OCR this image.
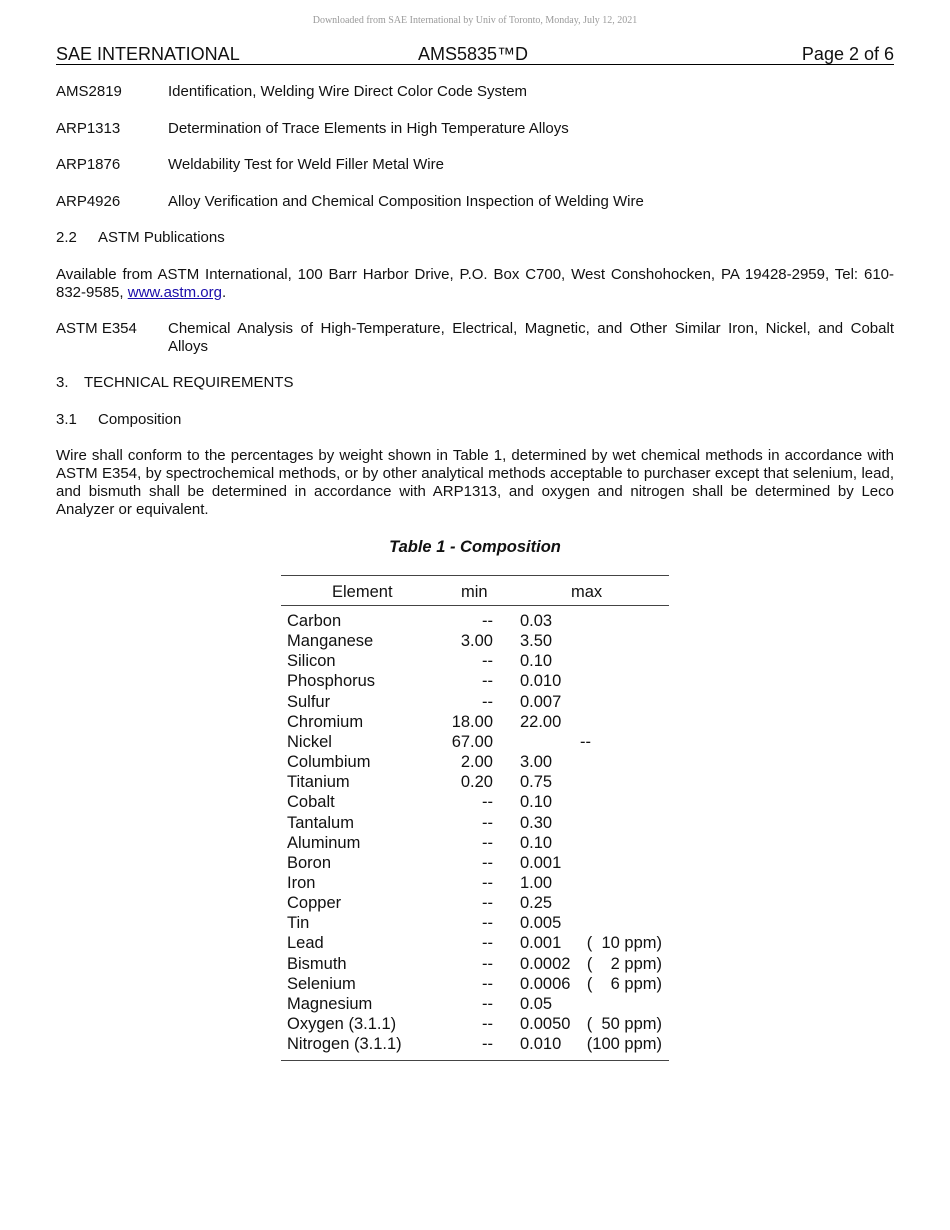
Downloaded from SAE International by Univ of Toronto, Monday, July 12, 2021
SAE INTERNATIONAL	AMS5835™D	Page 2 of 6
AMS2819	Identification, Welding Wire Direct Color Code System
ARP1313	Determination of Trace Elements in High Temperature Alloys
ARP1876	Weldability Test for Weld Filler Metal Wire
ARP4926	Alloy Verification and Chemical Composition Inspection of Welding Wire
2.2 ASTM Publications
Available from ASTM International, 100 Barr Harbor Drive, P.O. Box C700, West Conshohocken, PA 19428-2959, Tel: 610-832-9585, www.astm.org.
ASTM E354 Chemical Analysis of High-Temperature, Electrical, Magnetic, and Other Similar Iron, Nickel, and Cobalt Alloys
3. TECHNICAL REQUIREMENTS
3.1 Composition
Wire shall conform to the percentages by weight shown in Table 1, determined by wet chemical methods in accordance with ASTM E354, by spectrochemical methods, or by other analytical methods acceptable to purchaser except that selenium, lead, and bismuth shall be determined in accordance with ARP1313, and oxygen and nitrogen shall be determined by Leco Analyzer or equivalent.
Table 1 - Composition
Element	min	max
Carbon	-- 0.03
Manganese	3.00 3.50
Silicon	-- 0.10
Phosphorus	-- 0.010
Sulfur	-- 0.007
Chromium	18.00 22.00
Nickel	67.00	--
Columbium	2.00 3.00
Titanium	0.20 0.75
Cobalt	-- 0.10
Tantalum	-- 0.30
Aluminum	-- 0.10
Boron	-- 0.001
Iron	-- 1.00
Copper	-- 0.25
Tin	-- 0.005
Lead	-- 0.001 (  10 ppm)
Bismuth	-- 0.0002 (    2 ppm)
Selenium	-- 0.0006 (    6 ppm)
Magnesium	-- 0.05
Oxygen (3.1.1)	-- 0.0050 (  50 ppm)
Nitrogen (3.1.1)	-- 0.010 (100 ppm)
